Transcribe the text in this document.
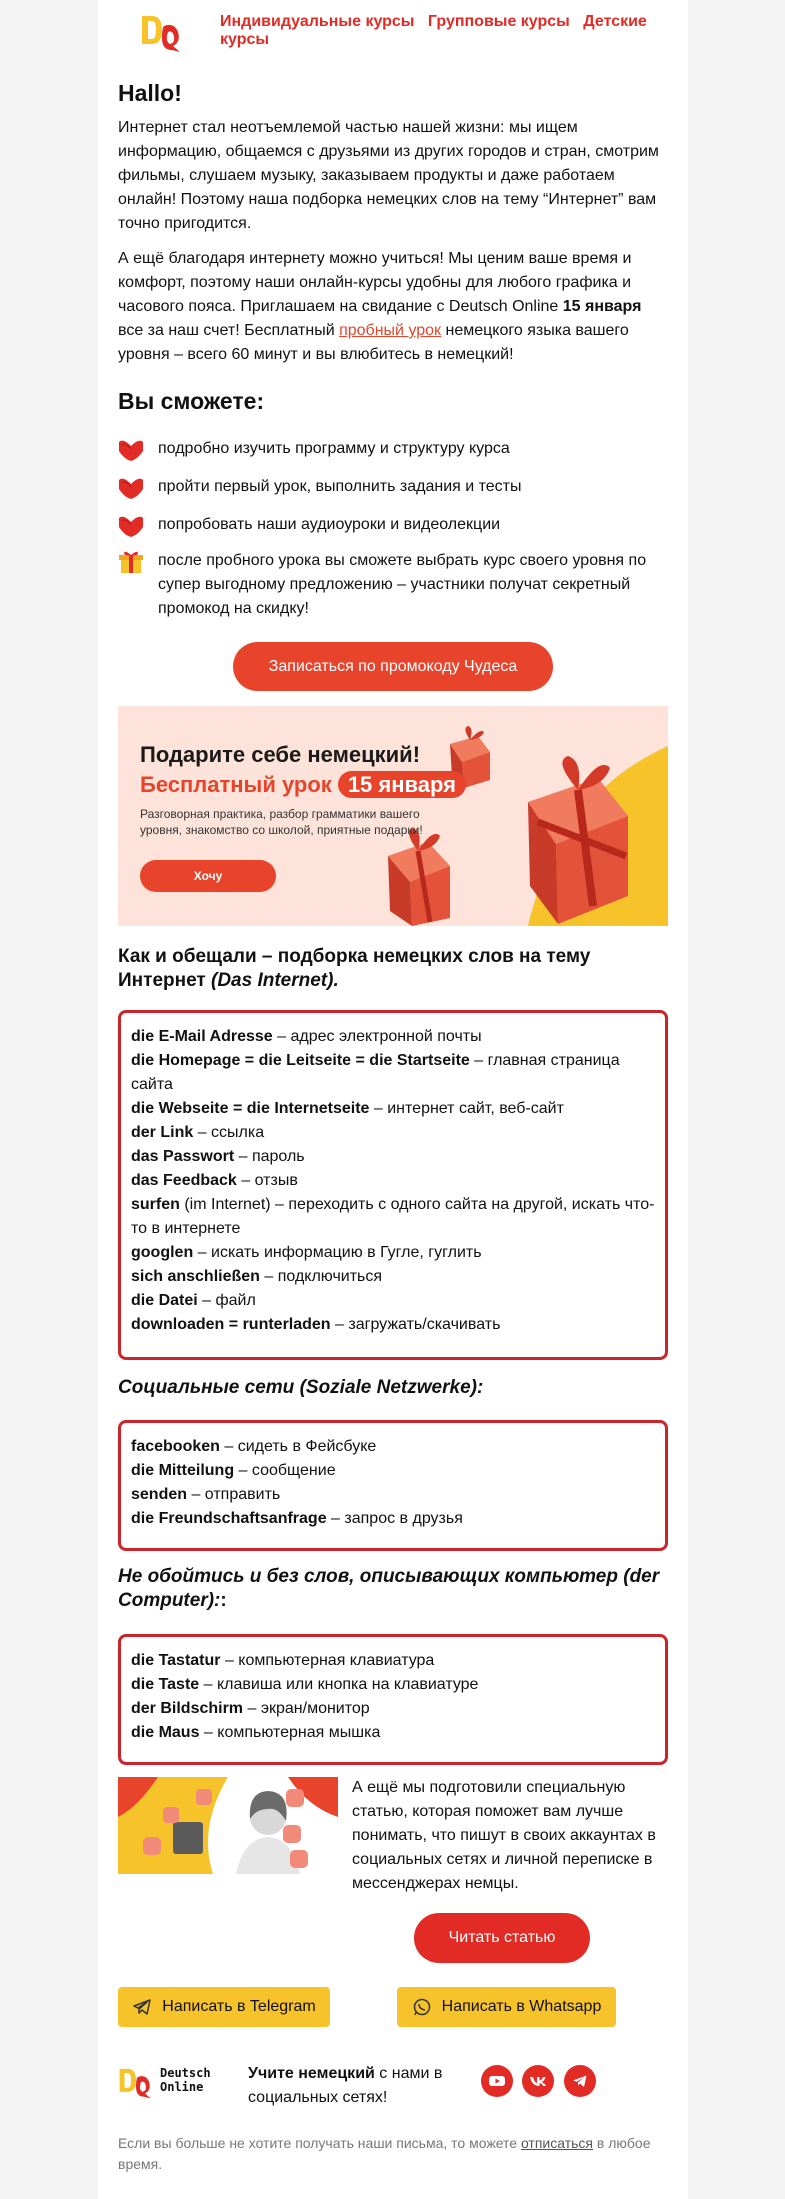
Индивидуальные курсы Групповые курсы Детские курсы
Hallo!
Интернет стал неотъемлемой частью нашей жизни: мы ищем информацию, общаемся с друзьями из других городов и стран, смотрим фильмы, слушаем музыку, заказываем продукты и даже работаем онлайн! Поэтому наша подборка немецких слов на тему “Интернет” вам точно пригодится.
А ещё благодаря интернету можно учиться! Мы ценим ваше время и комфорт, поэтому наши онлайн-курсы удобны для любого графика и часового пояса. Приглашаем на свидание с Deutsch Online 15 января все за наш счет! Бесплатный пробный урок немецкого языка вашего уровня – всего 60 минут и вы влюбитесь в немецкий!
Вы сможете:
подробно изучить программу и структуру курса
пройти первый урок, выполнить задания и тесты
попробовать наши аудиоуроки и видеолекции
после пробного урока вы сможете выбрать курс своего уровня по супер выгодному предложению – участники получат секретный промокод на скидку!
Записаться по промокоду Чудеса
Подарите себе немецкий!
Бесплатный урок 15 января
Разговорная практика, разбор грамматики вашего уровня, знакомство со школой, приятные подарки!
Хочу
Как и обещали – подборка немецких слов на тему Интернет (Das Internet).
die E-Mail Adresse – адрес электронной почты
die Homepage = die Leitseite = die Startseite – главная страница сайта
die Webseite = die Internetseite – интернет сайт, веб-сайт
der Link – ссылка
das Passwort – пароль
das Feedback – отзыв
surfen (im Internet) – переходить с одного сайта на другой, искать что-то в интернете
googlen – искать информацию в Гугле, гуглить
sich anschließen – подключиться
die Datei – файл
downloaden = runterladen – загружать/скачивать
Социальные сети (Soziale Netzwerke):
facebooken – сидеть в Фейсбуке
die Mitteilung – сообщение
senden – отправить
die Freundschaftsanfrage – запрос в друзья
Не обойтись и без слов, описывающих компьютер (der Computer)::
die Tastatur – компьютерная клавиатура
die Taste – клавиша или кнопка на клавиатуре
der Bildschirm – экран/монитор
die Maus – компьютерная мышка
А ещё мы подготовили специальную статью, которая поможет вам лучше понимать, что пишут в своих аккаунтах в социальных сетях и личной переписке в мессенджерах немцы.
Читать статью
Написать в Telegram	Написать в Whatsapp
Deutsch
Online
Учите немецкий с нами в социальных сетях!
Если вы больше не хотите получать наши письма, то можете отписаться в любое время.
